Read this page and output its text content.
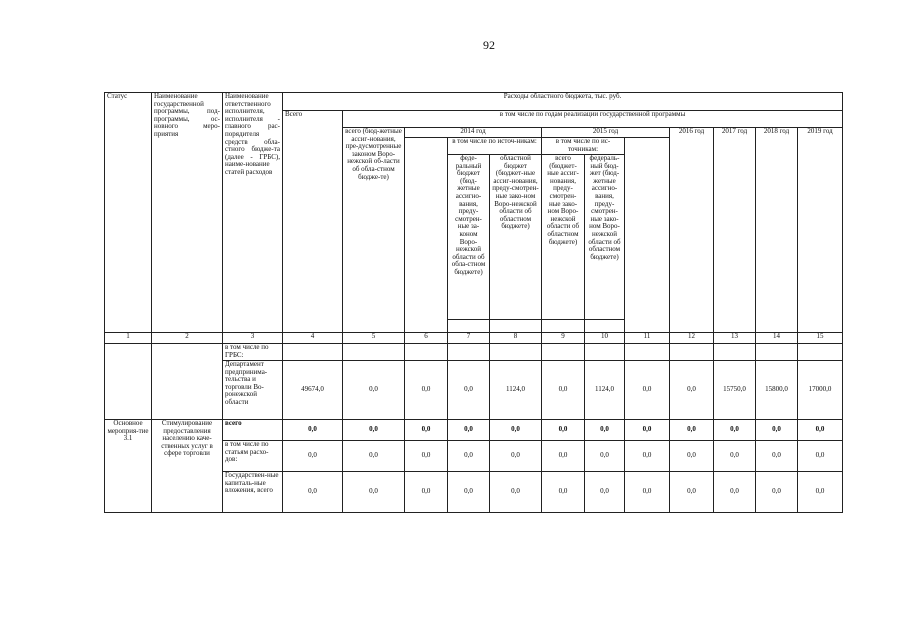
92
Статус	Наименование государственной программы, под-программы, ос-новного меро-приятия	Наименование ответственного исполнителя, исполнителя - главного рас-порядителя средств обла-стного бюдже-та (далее - ГРБС), наиме-нование статей расходов	Расходы областного бюджета, тыс. руб.												
			Всего	в том числе по годам реализации государственной программы											
				всего (бюд-жетные ассиг-нования, пре-дусмотренные законом Воро-нежской об-ласти об обла-стном бюдже-те)	2014 год			2015 год			2016 год	2017 год	2018 год	2019 год	
						в том числе по источ-никам:		в том числе по ис-точникам:							
						феде-ральный бюджет (бюд-жетные ассигно-вания, преду-смотрен-ные за-коном Воро-нежской области об обла-стном бюджете)	областной бюджет (бюджет-ные ассиг-нования, преду-смотрен-ные зако-ном Воро-нежской области об областном бюджете)	всего (бюджет-ные ассиг-нования, преду-смотрен-ные зако-ном Воро-нежской области об областном бюджете)	федераль-ный бюд-жет (бюд-жетные ассигно-вания, преду-смотрен-ные зако-ном Воро-нежской области об областном бюджете)	

1	2	3	4	5	6	7	8	9	10	11	12	13	14	15	
		в том числе по ГРБС:													
		Департамент предпринима-тельства и торговли Во-ронежской области	49674,0	0,0	0,0	0,0	1124,0	0,0	1124,0	0,0	0,0	15750,0	15800,0	17000,0	
Основное мероприя-тие 3.1	Стимулирование предоставления населению каче-ственных услуг в сфере торговли	всего	0,0	0,0	0,0	0,0	0,0	0,0	0,0	0,0	0,0	0,0	0,0	0,0	
		в том числе по статьям расхо-дов:	0,0	0,0	0,0	0,0	0,0	0,0	0,0	0,0	0,0	0,0	0,0	0,0	
		Государствен-ные капиталь-ные вложения, всего	0,0	0,0	0,0	0,0	0,0	0,0	0,0	0,0	0,0	0,0	0,0	0,0	
